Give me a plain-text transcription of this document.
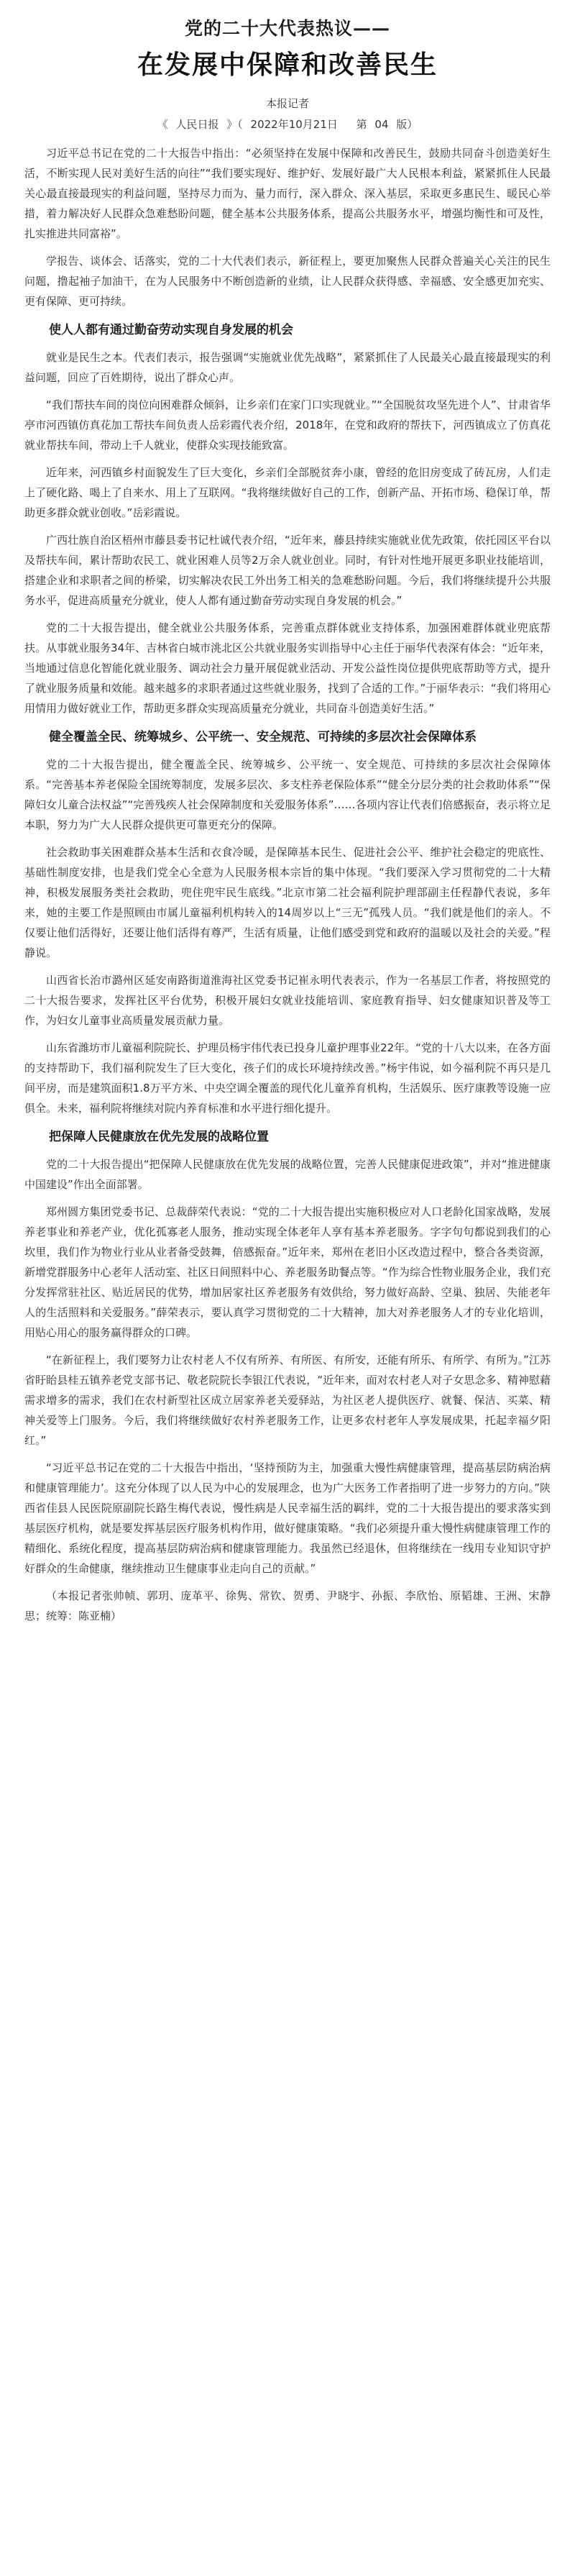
党的二十大代表热议——
在发展中保障和改善民生
本报记者
《 人民日报 》（ 2022年10月21日　 第 04 版）

习近平总书记在党的二十大报告中指出：“必须坚持在发展中保障和改善民生，鼓励共同奋斗创造美好生活，不断实现人民对美好生活的向往”“我们要实现好、维护好、发展好最广大人民根本利益，紧紧抓住人民最关心最直接最现实的利益问题，坚持尽力而为、量力而行，深入群众、深入基层，采取更多惠民生、暖民心举措，着力解决好人民群众急难愁盼问题，健全基本公共服务体系，提高公共服务水平，增强均衡性和可及性，扎实推进共同富裕”。

学报告、谈体会、话落实，党的二十大代表们表示，新征程上，要更加聚焦人民群众普遍关心关注的民生问题，撸起袖子加油干，在为人民服务中不断创造新的业绩，让人民群众获得感、幸福感、安全感更加充实、更有保障、更可持续。

使人人都有通过勤奋劳动实现自身发展的机会

就业是民生之本。代表们表示，报告强调“实施就业优先战略”，紧紧抓住了人民最关心最直接最现实的利益问题，回应了百姓期待，说出了群众心声。

“我们帮扶车间的岗位向困难群众倾斜，让乡亲们在家门口实现就业。”“全国脱贫攻坚先进个人”、甘肃省华亭市河西镇仿真花加工帮扶车间负责人岳彩霞代表介绍，2018年，在党和政府的帮扶下，河西镇成立了仿真花就业帮扶车间，带动上千人就业，使群众实现技能致富。

近年来，河西镇乡村面貌发生了巨大变化，乡亲们全部脱贫奔小康，曾经的危旧房变成了砖瓦房，人们走上了硬化路、喝上了自来水、用上了互联网。“我将继续做好自己的工作，创新产品、开拓市场、稳保订单，帮助更多群众就业创收。”岳彩霞说。

广西壮族自治区梧州市藤县委书记杜诚代表介绍，“近年来，藤县持续实施就业优先政策，依托园区平台以及帮扶车间，累计帮助农民工、就业困难人员等2万余人就业创业。同时，有针对性地开展更多职业技能培训，搭建企业和求职者之间的桥梁，切实解决农民工外出务工相关的急难愁盼问题。今后，我们将继续提升公共服务水平，促进高质量充分就业，使人人都有通过勤奋劳动实现自身发展的机会。”

党的二十大报告提出，健全就业公共服务体系，完善重点群体就业支持体系，加强困难群体就业兜底帮扶。从事就业服务34年、吉林省白城市洮北区公共就业服务实训指导中心主任于丽华代表深有体会：“近年来，当地通过信息化智能化就业服务、调动社会力量开展促就业活动、开发公益性岗位提供兜底帮助等方式，提升了就业服务质量和效能。越来越多的求职者通过这些就业服务，找到了合适的工作。”于丽华表示：“我们将用心用情用力做好就业工作，帮助更多群众实现高质量充分就业，共同奋斗创造美好生活。”

健全覆盖全民、统筹城乡、公平统一、安全规范、可持续的多层次社会保障体系

党的二十大报告提出，健全覆盖全民、统筹城乡、公平统一、安全规范、可持续的多层次社会保障体系。“完善基本养老保险全国统筹制度，发展多层次、多支柱养老保险体系”“健全分层分类的社会救助体系”“保障妇女儿童合法权益”“完善残疾人社会保障制度和关爱服务体系”……各项内容让代表们倍感振奋，表示将立足本职，努力为广大人民群众提供更可靠更充分的保障。

社会救助事关困难群众基本生活和衣食冷暖，是保障基本民生、促进社会公平、维护社会稳定的兜底性、基础性制度安排，也是我们党全心全意为人民服务根本宗旨的集中体现。“我们要深入学习贯彻党的二十大精神，积极发展服务类社会救助，兜住兜牢民生底线。”北京市第二社会福利院护理部副主任程静代表说，多年来，她的主要工作是照顾由市属儿童福利机构转入的14周岁以上“三无”孤残人员。“我们就是他们的亲人。不仅要让他们活得好，还要让他们活得有尊严，生活有质量，让他们感受到党和政府的温暖以及社会的关爱。”程静说。

山西省长治市潞州区延安南路街道淮海社区党委书记崔永明代表表示，作为一名基层工作者，将按照党的二十大报告要求，发挥社区平台优势，积极开展妇女就业技能培训、家庭教育指导、妇女健康知识普及等工作，为妇女儿童事业高质量发展贡献力量。

山东省潍坊市儿童福利院院长、护理员杨宇伟代表已投身儿童护理事业22年。“党的十八大以来，在各方面的支持帮助下，我们福利院发生了巨大变化，孩子们的成长环境持续改善。”杨宇伟说，如今福利院不再只是几间平房，而是建筑面积1.8万平方米、中央空调全覆盖的现代化儿童养育机构，生活娱乐、医疗康教等设施一应俱全。未来，福利院将继续对院内养育标准和水平进行细化提升。

把保障人民健康放在优先发展的战略位置

党的二十大报告提出“把保障人民健康放在优先发展的战略位置，完善人民健康促进政策”，并对“推进健康中国建设”作出全面部署。

郑州圆方集团党委书记、总裁薛荣代表说：“党的二十大报告提出实施积极应对人口老龄化国家战略，发展养老事业和养老产业，优化孤寡老人服务，推动实现全体老年人享有基本养老服务。字字句句都说到我们的心坎里，我们作为物业行业从业者备受鼓舞，倍感振奋。”近年来，郑州在老旧小区改造过程中，整合各类资源，新增党群服务中心老年人活动室、社区日间照料中心、养老服务助餐点等。“作为综合性物业服务企业，我们充分发挥常驻社区、贴近居民的优势，增加居家社区养老服务有效供给，努力做好高龄、空巢、独居、失能老年人的生活照料和关爱服务。”薛荣表示，要认真学习贯彻党的二十大精神，加大对养老服务人才的专业化培训，用贴心用心的服务赢得群众的口碑。

“在新征程上，我们要努力让农村老人不仅有所养、有所医、有所安，还能有所乐、有所学、有所为。”江苏省盱眙县桂五镇养老党支部书记、敬老院院长李银江代表说，“近年来，面对农村老人对子女思念多、精神慰藉需求增多的需求，我们在农村新型社区成立居家养老关爱驿站，为社区老人提供医疗、就餐、保洁、买菜、精神关爱等上门服务。今后，我们将继续做好农村养老服务工作，让更多农村老年人享发展成果，托起幸福夕阳红。”

“习近平总书记在党的二十大报告中指出，‘坚持预防为主，加强重大慢性病健康管理，提高基层防病治病和健康管理能力’。这充分体现了以人民为中心的发展理念，也为广大医务工作者指明了进一步努力的方向。”陕西省佳县人民医院原副院长路生梅代表说，慢性病是人民幸福生活的羁绊，党的二十大报告提出的要求落实到基层医疗机构，就是要发挥基层医疗服务机构作用，做好健康策略。“我们必须提升重大慢性病健康管理工作的精细化、系统化程度，提高基层防病治病和健康管理能力。我虽然已经退休，但将继续在一线用专业知识守护好群众的生命健康，继续推动卫生健康事业走向自己的贡献。”

（本报记者张帅帧、郭玥、庞革平、徐隽、常钦、贺勇、尹晓宇、孙振、李欣怡、原韬雄、王洲、宋静思；统筹：陈亚楠）
